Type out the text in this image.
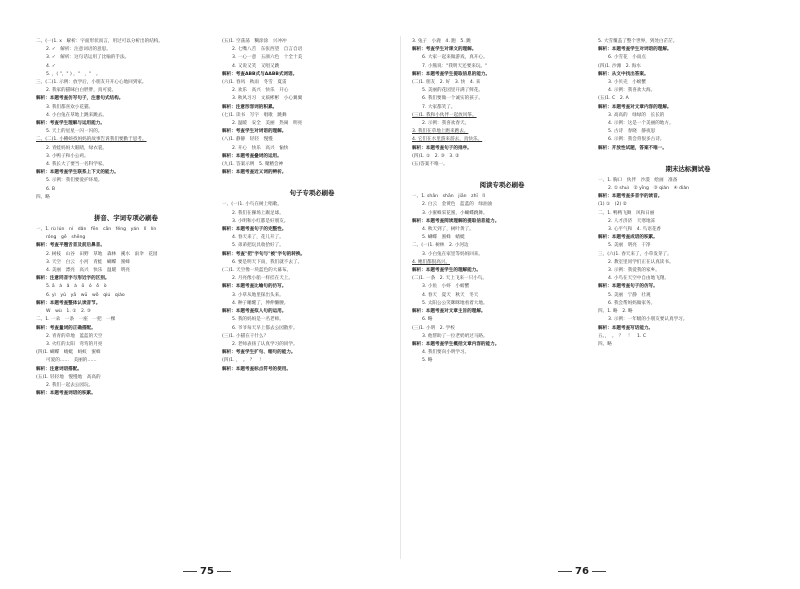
二、(一)1. x　解析：字面形状而言，用过可以分析出的结构。
2. ✓　解析：注意词语的意思。
3. ✓　解析：这句话运用了比喻的手法。
4. ✓
5. ，( "，" ) ，"　，"　。
三、(二)1. 示例：放学后，小朋友开开心心地回到家。
2. 我家的猫咪白白胖胖，真可爱。
解析：本题考查仿写句子，注意句式结构。
3. 我们都喜欢小花猫。
4. 小白兔在草地上跳来跳去。
解析：考查学生理解与运用能力。
5. 天上的星星一闪一闪的。
二、(二)1. 小蝌蚪找妈妈的故事告诉我们要勤于思考。
2. 青蛙妈妈大眼睛，绿衣裳。
3. 小鸭子和小公鸡。
4. 我长大了要当一名科学家。
解析：本题考查学生联系上下文的能力。
5. 示例：我们要爱护环境。
6. B
四、略
拼音、字词专项必刷卷
一、1. rù lún　ní　dǎn　fēn　cān　féng　yán　lǐ　lín
róng　gē　shēng
解析：考查平翘舌音及前后鼻音。
2. 树枝　山谷　田野　草地　森林　溪水　雨伞　花园
3. 天空　白云　小河　青蛙　蝴蝶　蜜蜂
4. 美丽　漂亮　高兴　快乐　温暖　明亮
解析：注意同音字与形近字的区别。
5. ā　á　ǎ　à　ō　ó　ǒ　ò
6. yì　yǔ　yā　wū　wǒ　qiú　qiáo
解析：本题考查整体认读音节。
W　wù　1. ①　2. ③
二、1. 一朵　一条　一座　一把　一棵
解析：考查量词的正确搭配。
2. 青青的草地　蓝蓝的天空
3. 火红的太阳　弯弯的月亮
(四)1. 蝴蝶　蜻蜓　蚂蚁　蜜蜂
可爱的……　美丽的……
解析：注意词语搭配。
(五)1. 轻轻地　慢慢地　高高的
2. 我们一起去公园玩。
解析：本题考查词语的积累。
(五)1. 空荡荡　糊涂涂　兴冲冲
2. 七嘴八舌　东张西望　自言自语
3. 一心一意　五颜六色　十全十美
4. 又说又笑　又唱又跳
解析：考查ABB式与AABB式词语。
(六)1. 春风　秋雨　冬雪　夏雷
2. 欢乐　高兴　快乐　开心
3. 秋风习习　文质彬彬　小心翼翼
解析：注意形容词的积累。
(七)1. 读书　写字　唱歌　跳舞
2. 温暖　安全　美丽　热闹　明亮
解析：考查学生对词语的理解。
(八)1. 静静　轻轻　慢慢
2. 开心　快乐　高兴　愉快
解析：本题考查叠词的运用。
(九)1. 答案示例　5. 聚精会神
解析：本题考查近义词的辨析。
句子专项必刷卷
一、(一)1. 小鸟在树上唱歌。
2. 我们在操场上踢足球。
3. 小明和小红都是好朋友。
解析：本题考查句子的完整性。
4. 春天来了，花儿开了。
5. 弟弟把玩具收拾好了。
解析：考查"把"字句与"被"字句的转换。
6. 要是明天下雨，我们就不去了。
(二)1. 天空像一块蓝色的大幕布。
2. 月亮像小船一样挂在天上。
解析：本题考查比喻句的仿写。
3. 小草从地里探出头来。
4. 种子睡醒了，伸伸懒腰。
解析：本题考查拟人句的运用。
5. 我的妈妈是一名老师。
6. 爷爷每天早上都去公园散步。
(三)1. 小猫在干什么？
2. 老师表扬了认真学习的同学。
解析：考查学生扩句、缩句的能力。
(四)1. ，　。　？　！
解析：本题考查标点符号的使用。
3. 兔子　小鹿　4. 跑　5. 跳
解析：考查学生对课文的理解。
6. 大家一起来做游戏，真开心。
7. 小熊说："我明天还要来玩。"
解析：本题考查学生提取信息的能力。
(二)1. 朋友　2. 好　3. 快　4. 来
5. 美丽的花园里开满了鲜花。
6. 我们要做一个诚实的孩子。
7. 大家都笑了。
(三)1. 我和小伙伴一起放风筝。
2. 示例：我喜欢春天。
3. 我们在草地上跑来跑去。
4. 它们在水里游来游去，真快乐。
解析：本题考查句子的排序。
(四)1. ①　2. ③　3. ②
(五)答案不唯一。
阅读专项必刷卷
一、1. shān　shān　jiān　zhī　lǐ
2. 白云　金黄色　蓝蓝的　绿油油
3. 小蜜蜂采花蜜，小蝴蝶跳舞。
解析：本题考查阅读理解的提取信息能力。
4. 秋天到了，树叶黄了。
5. 蝴蝶　蜜蜂　蜻蜓
二、(一)1. 树林　2. 小河边
3. 小白兔在家里等妈妈回来。
4. 她们都很高兴。
解析：本题考查学生的理解能力。
(二)1. 一条　2. 天上飞来一只小鸟。
3. 小鱼　小虾　小螃蟹
4. 春天　夏天　秋天　冬天
5. 太阳公公笑眯眯地看着大地。
解析：本题考查对文章主旨的理解。
6. 略
(三)1. 小明　2. 学校
3. 他帮助了一位老奶奶过马路。
解析：本题考查学生概括文章内容的能力。
4. 我们要向小明学习。
5. 略
5. 大雪覆盖了整个世界，到处白茫茫。
解析：本题考查学生对词语的理解。
6. 小雪花　小雨点
(四)1. 沙滩　2. 海水
解析：从文中找出答案。
3. 小贝壳　小螃蟹
4. 示例：我喜欢大海。
(五)1. C　2. A
解析：本题考查对文章内容的理解。
3. 高高的　绿绿的　长长的
4. 示例：这是一个美丽的地方。
5. 古诗　春晓　静夜思
6. 示例：我会背很多古诗。
解析：开放性试题，答案不唯一。
期末达标测试卷
一、1. 胸口　伙伴　沙漠　绘画　准备
2. ① shuì　② yīng　③ qián　④ diàn
解析：本题考查多音字的读音。
(1) ①　(2) ②
二、1. 鸭鸭飞舞　风和日丽
2. 人才济济　天寒地冻
3. 心平气和　4. 鸟语花香
解析：本题考查成语的积累。
5. 美丽　明亮　干净
三、(六)1. 春天来了，小草发芽了。
2. 教室里同学们正在认真读书。
3. 示例：我爱我的家乡。
4. 小鸟在天空中自由地飞翔。
解析：本题考查句子的仿写。
5. 美丽　宁静　壮观
6. 我会帮妈妈做家务。
四、1. 略　2. 略
3. 示例：一年级的小朋友要认真学习。
解析：本题考查写话能力。
五、，　。　？　！　1. C
四、略
75	76
